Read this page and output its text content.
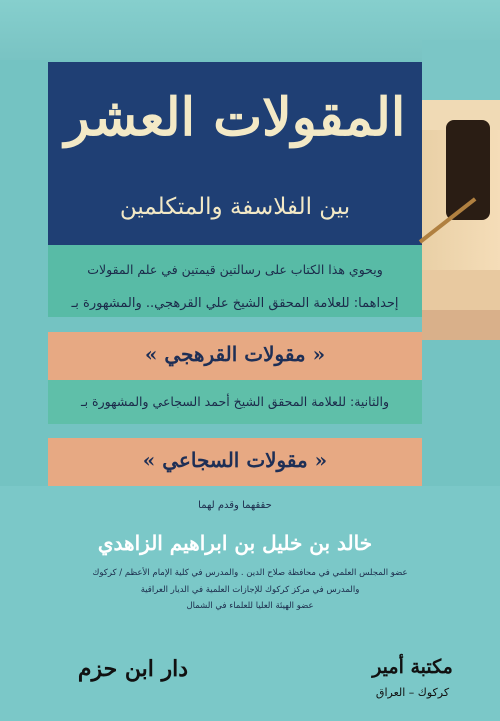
المقولات العشر
بين الفلاسفة والمتكلمين
ويحوي هذا الكتاب على رسالتين قيمتين في علم المقولات
إحداهما: للعلامة المحقق الشيخ علي القرهجي.. والمشهورة بـ
« مقولات القرهجي »
والثانية: للعلامة المحقق الشيخ أحمد السجاعي والمشهورة بـ
« مقولات السجاعي »
حققهما وقدم لهما
خالد بن خليل بن ابراهيم الزاهدي
عضو المجلس العلمي في محافظة صلاح الدين . والمدرس في كلية الإمام الأعظم / كركوك
والمدرس في مركز كركوك للإجازات العلمية في الديار العراقية
عضو الهيئة العليا للعلماء في الشمال
دار ابن حزم	مكتبة أمير
كركوك – العراق
